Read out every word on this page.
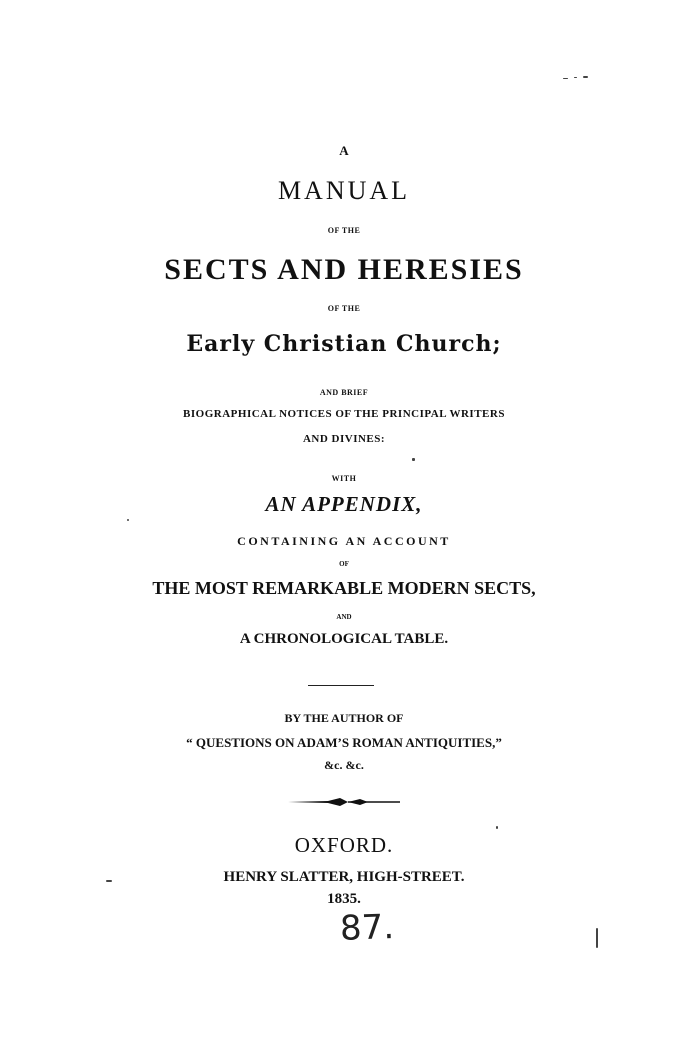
A
MANUAL
OF THE
SECTS AND HERESIES
OF THE
Early Christian Church;
AND BRIEF
BIOGRAPHICAL NOTICES OF THE PRINCIPAL WRITERS
AND DIVINES:
WITH
AN APPENDIX,
CONTAINING AN ACCOUNT
OF
THE MOST REMARKABLE MODERN SECTS,
AND
A CHRONOLOGICAL TABLE.
BY THE AUTHOR OF
“ QUESTIONS ON ADAM’S ROMAN ANTIQUITIES,”
&c. &c.
OXFORD.
HENRY SLATTER, HIGH-STREET.
1835.
87.
